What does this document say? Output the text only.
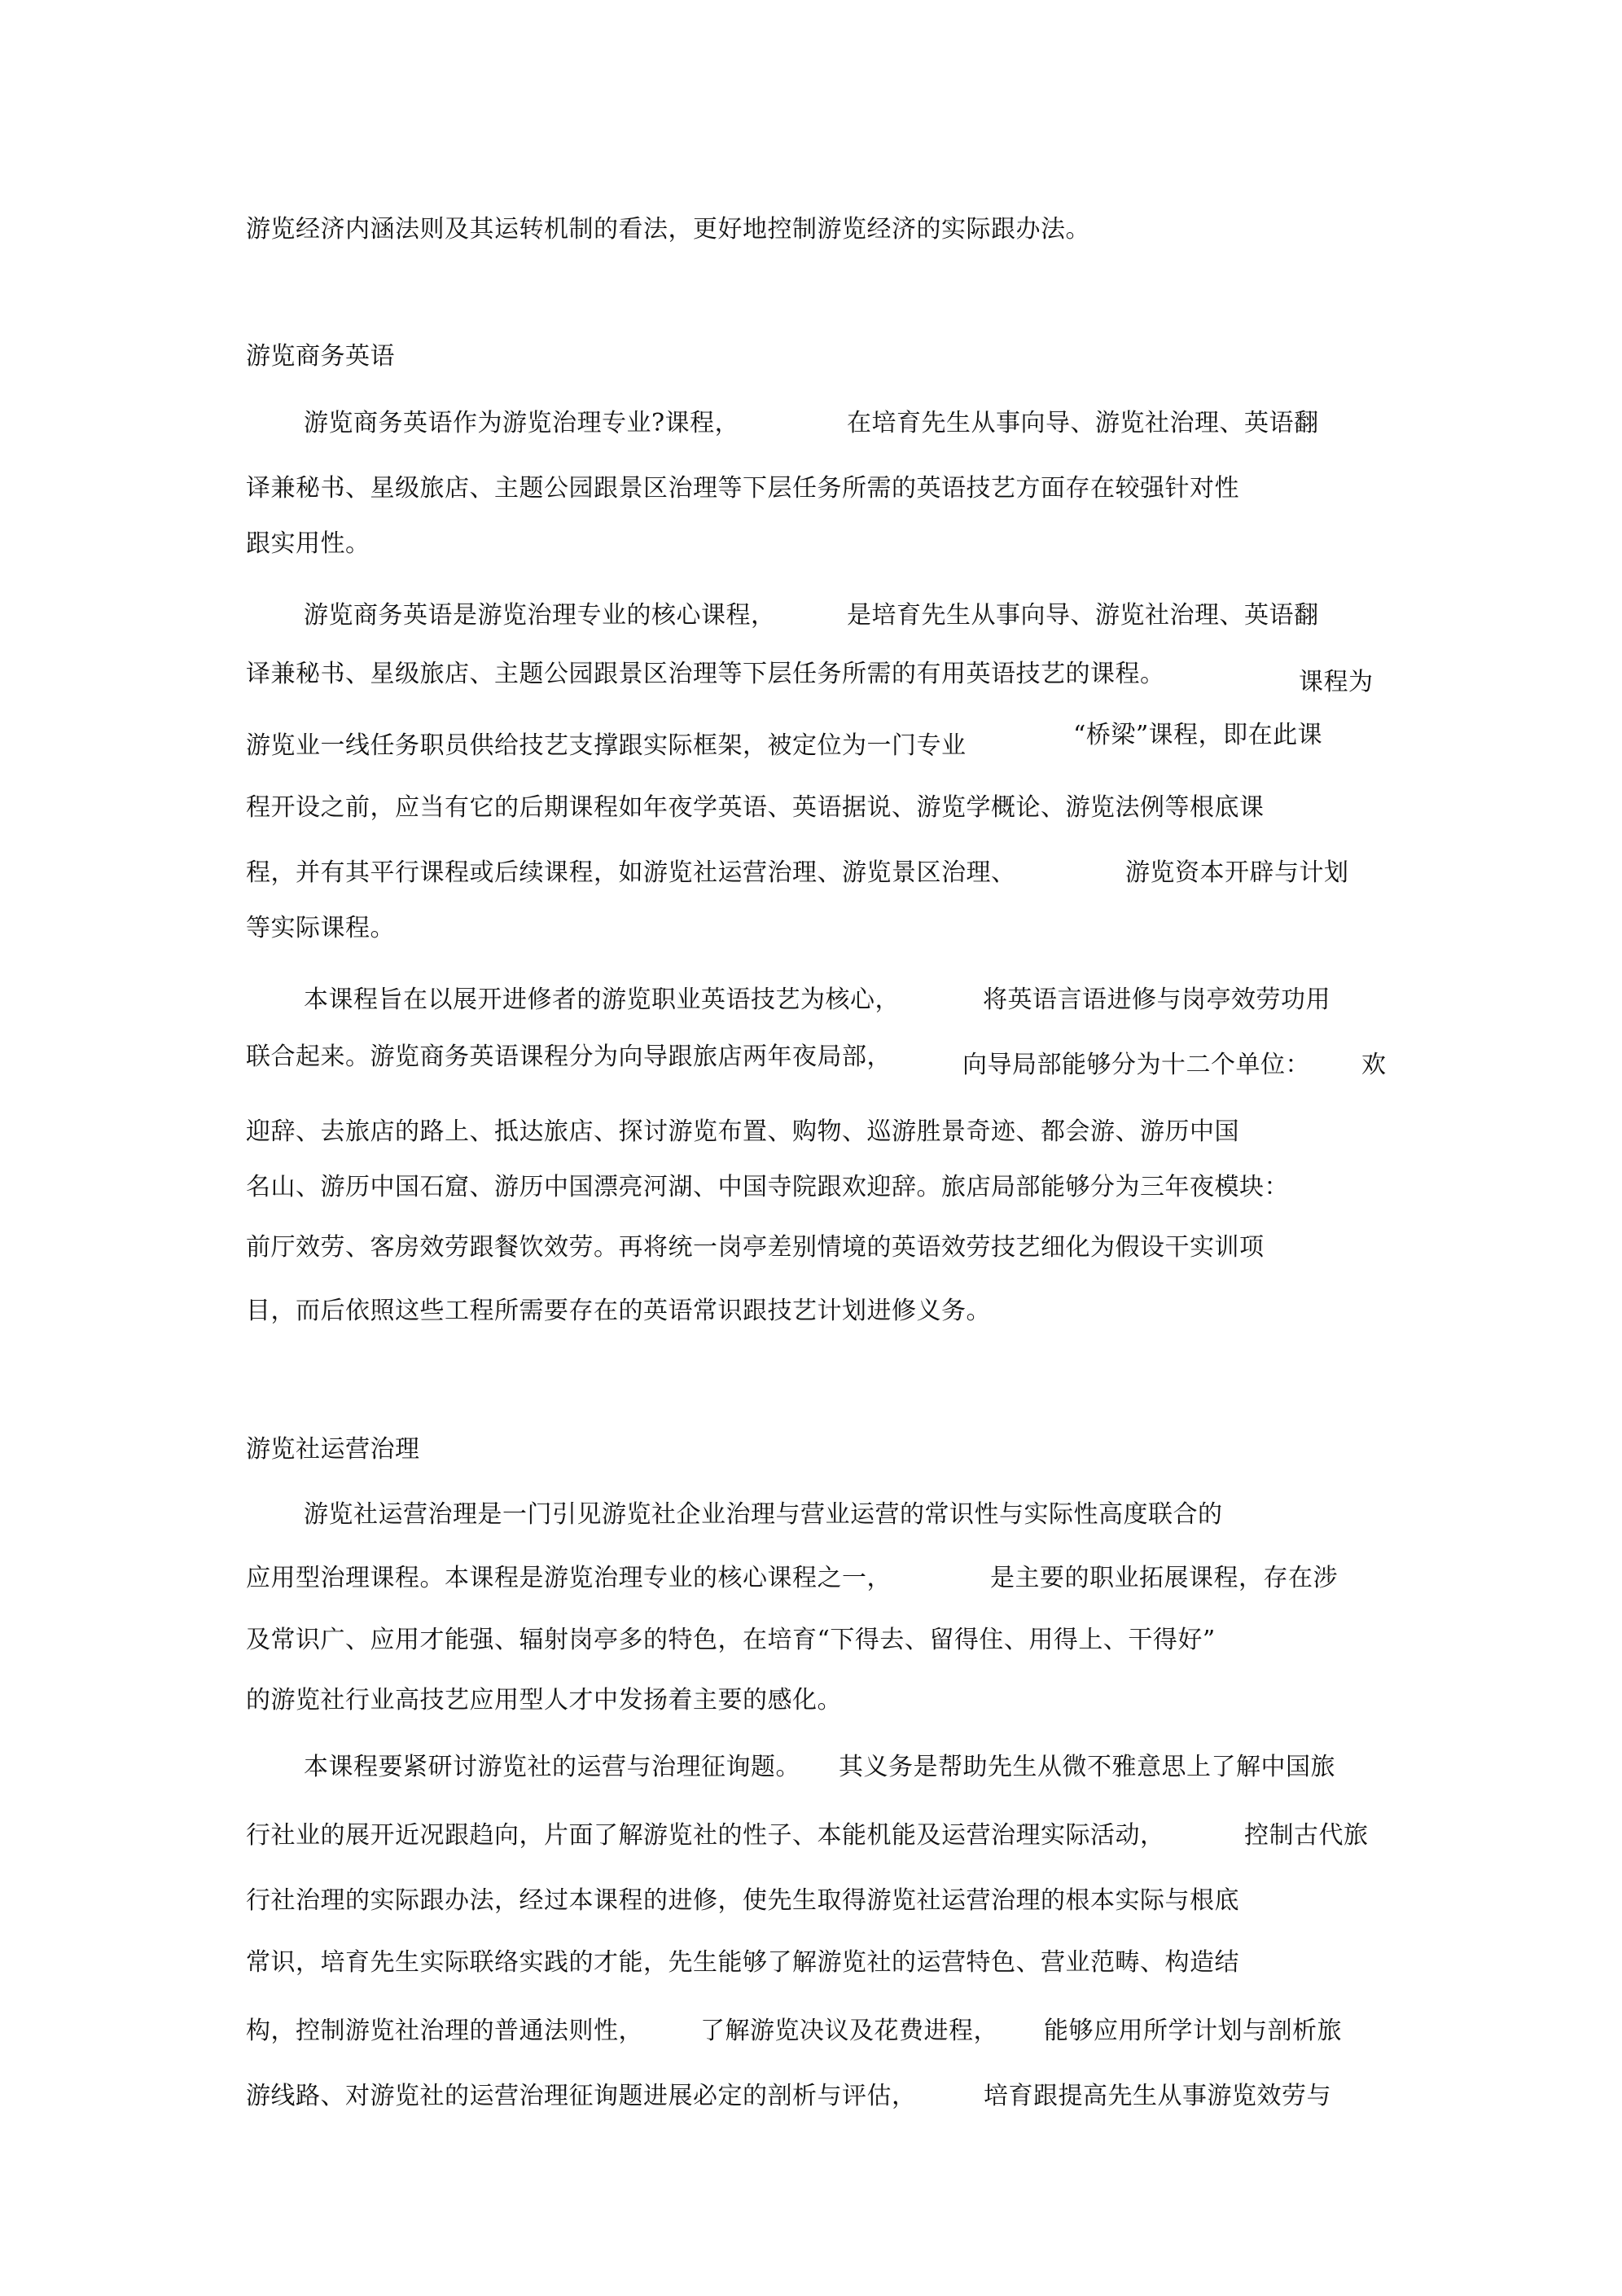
游览经济内涵法则及其运转机制的看法，更好地控制游览经济的实际跟办法。
游览商务英语
游览商务英语作为游览治理专业?课程，	在培育先生从事向导、游览社治理、英语翻
译兼秘书、星级旅店、主题公园跟景区治理等下层任务所需的英语技艺方面存在较强针对性
跟实用性。
游览商务英语是游览治理专业的核心课程，	是培育先生从事向导、游览社治理、英语翻
译兼秘书、星级旅店、主题公园跟景区治理等下层任务所需的有用英语技艺的课程。	课程为
游览业一线任务职员供给技艺支撑跟实际框架，被定位为一门专业	“桥梁”课程，即在此课
程开设之前，应当有它的后期课程如年夜学英语、英语据说、游览学概论、游览法例等根底课
程，并有其平行课程或后续课程，如游览社运营治理、游览景区治理、	游览资本开辟与计划
等实际课程。
本课程旨在以展开进修者的游览职业英语技艺为核心，	将英语言语进修与岗亭效劳功用
联合起来。游览商务英语课程分为向导跟旅店两年夜局部，	向导局部能够分为十二个单位： 欢
迎辞、去旅店的路上、抵达旅店、探讨游览布置、购物、巡游胜景奇迹、都会游、游历中国
名山、游历中国石窟、游历中国漂亮河湖、中国寺院跟欢迎辞。旅店局部能够分为三年夜模块：
前厅效劳、客房效劳跟餐饮效劳。再将统一岗亭差别情境的英语效劳技艺细化为假设干实训项
目，而后依照这些工程所需要存在的英语常识跟技艺计划进修义务。
游览社运营治理
游览社运营治理是一门引见游览社企业治理与营业运营的常识性与实际性高度联合的
应用型治理课程。本课程是游览治理专业的核心课程之一，	是主要的职业拓展课程，存在涉
及常识广、应用才能强、辐射岗亭多的特色，在培育“下得去、留得住、用得上、干得好”
的游览社行业高技艺应用型人才中发扬着主要的感化。
本课程要紧研讨游览社的运营与治理征询题。 其义务是帮助先生从微不雅意思上了解中国旅
行社业的展开近况跟趋向，片面了解游览社的性子、本能机能及运营治理实际活动，	控制古代旅
行社治理的实际跟办法，经过本课程的进修，使先生取得游览社运营治理的根本实际与根底
常识，培育先生实际联络实践的才能，先生能够了解游览社的运营特色、营业范畴、构造结
构，控制游览社治理的普通法则性， 了解游览决议及花费进程， 能够应用所学计划与剖析旅
游线路、对游览社的运营治理征询题进展必定的剖析与评估，	培育跟提高先生从事游览效劳与
